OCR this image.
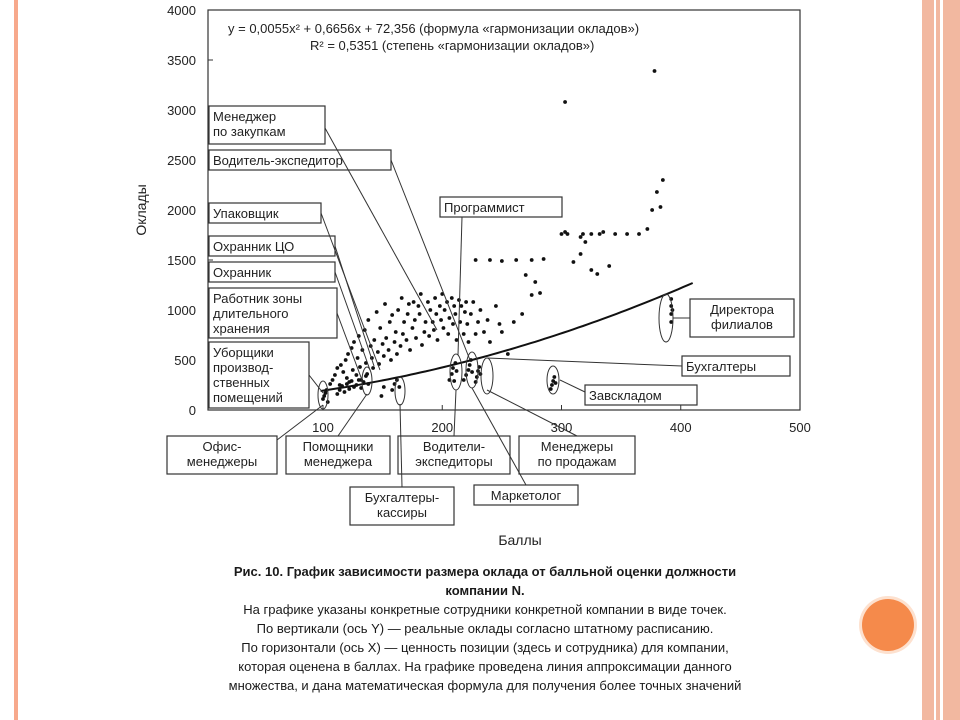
0
500
1000
1500
2000
2500
3000
3500
4000
100	200	300	400	500
Баллы
Оклады
y = 0,0055x² + 0,6656x + 72,356 (формула «гармонизации окладов»)
R² = 0,5351 (степень «гармонизации окладов»)
Менеджер
по закупкам
Водитель-экспедитор
Упаковщик
Охранник ЦО
Охранник
Работник зоны
длительного
хранения
Уборщики
производ-
ственных
помещений
Программист
Директора
филиалов
Бухгалтеры
Завскладом
Офис-
менеджеры
Помощники
менеджера
Водители-
экспедиторы
Менеджеры
по продажам
Маркетолог
Бухгалтеры-
кассиры
Рис. 10. График зависимости размера оклада от балльной оценки должности
компании N.
На графике указаны конкретные сотрудники конкретной компании в виде точек.
По вертикали (ось Y) — реальные оклады согласно штатному расписанию.
По горизонтали (ось X) — ценность позиции (здесь и сотрудника) для компании,
которая оценена в баллах. На графике проведена линия аппроксимации данного
множества, и дана математическая формула для получения более точных значений
